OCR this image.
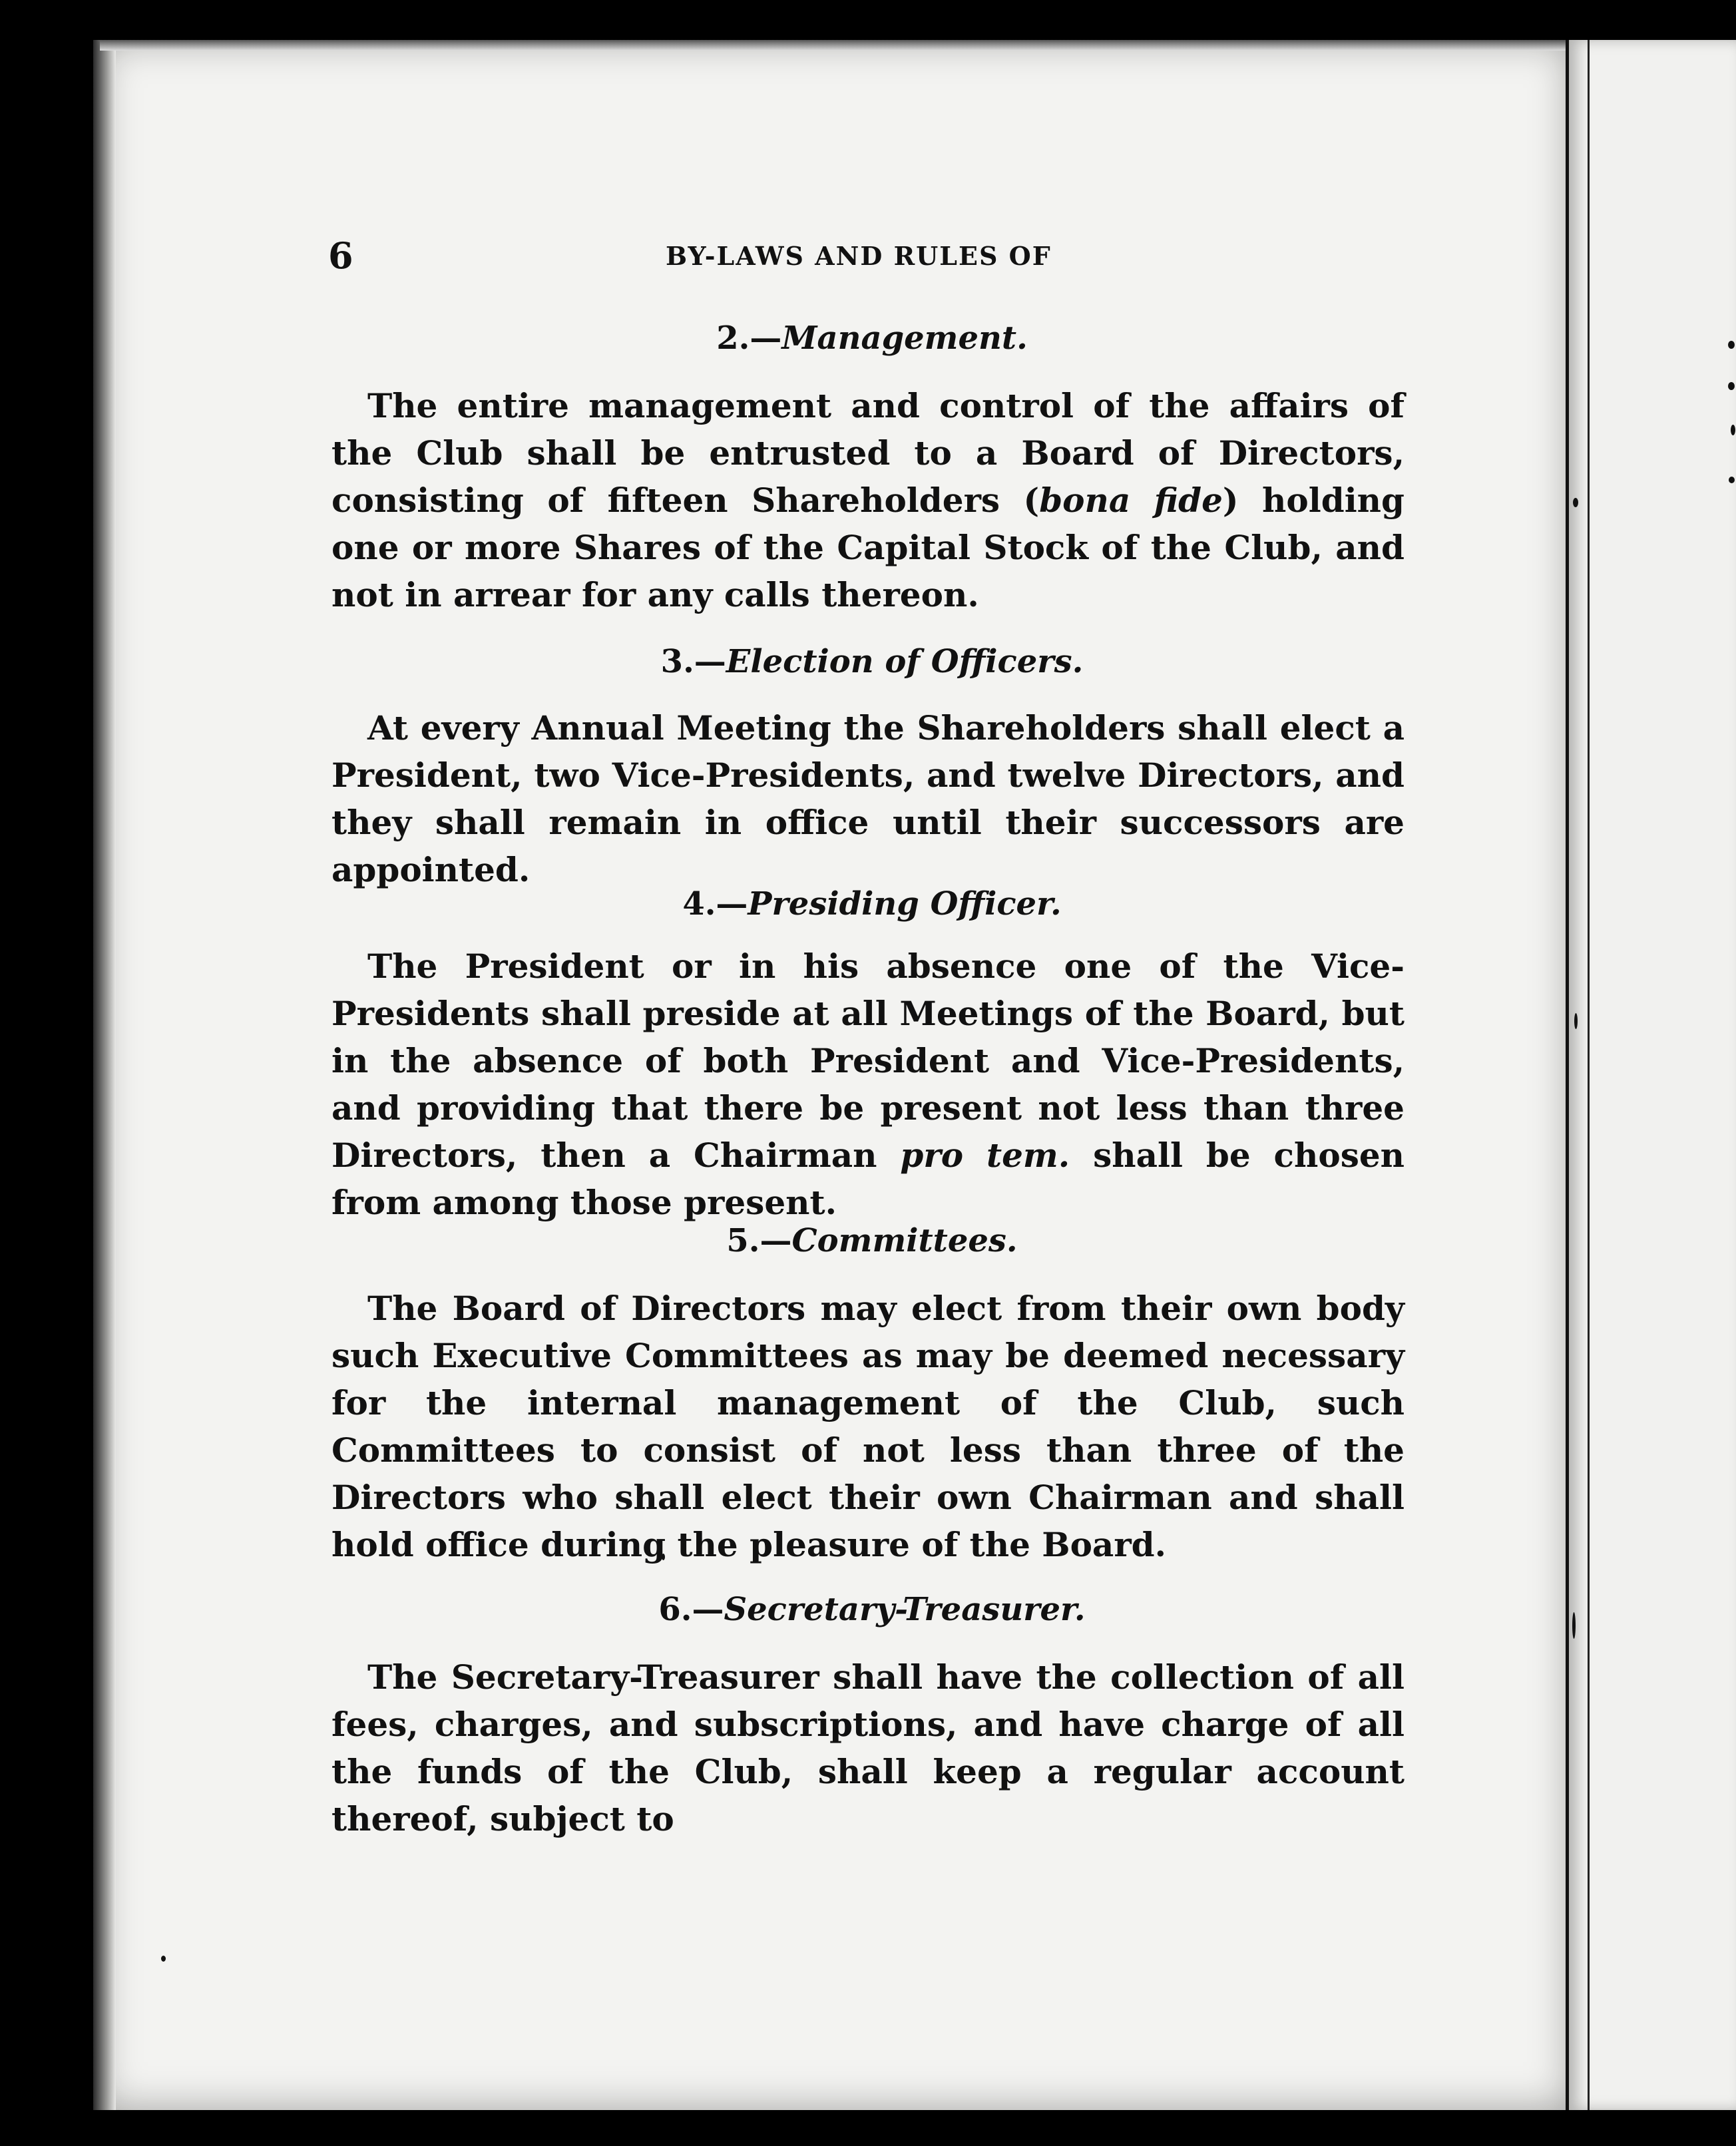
6	BY-LAWS AND RULES OF
2.—Management.

The entire management and control of the affairs of the Club shall be entrusted to a Board of Directors, consisting of fifteen Shareholders (bona fide) holding one or more Shares of the Capital Stock of the Club, and not in arrear for any calls thereon.

3.—Election of Officers.

At every Annual Meeting the Shareholders shall elect a President, two Vice-Presidents, and twelve Directors, and they shall remain in office until their successors are appointed.

4.—Presiding Officer.

The President or in his absence one of the Vice-Presidents shall preside at all Meetings of the Board, but in the absence of both President and Vice-Presidents, and providing that there be present not less than three Directors, then a Chairman pro tem. shall be chosen from among those present.

5.—Committees.

The Board of Directors may elect from their own body such Executive Committees as may be deemed necessary for the internal management of the Club, such Committees to consist of not less than three of the Directors who shall elect their own Chairman and shall hold office during the pleasure of the Board.

6.—Secretary-Treasurer.

The Secretary-Treasurer shall have the collection of all fees, charges, and subscriptions, and have charge of all the funds of the Club, shall keep a regular account thereof, subject to
